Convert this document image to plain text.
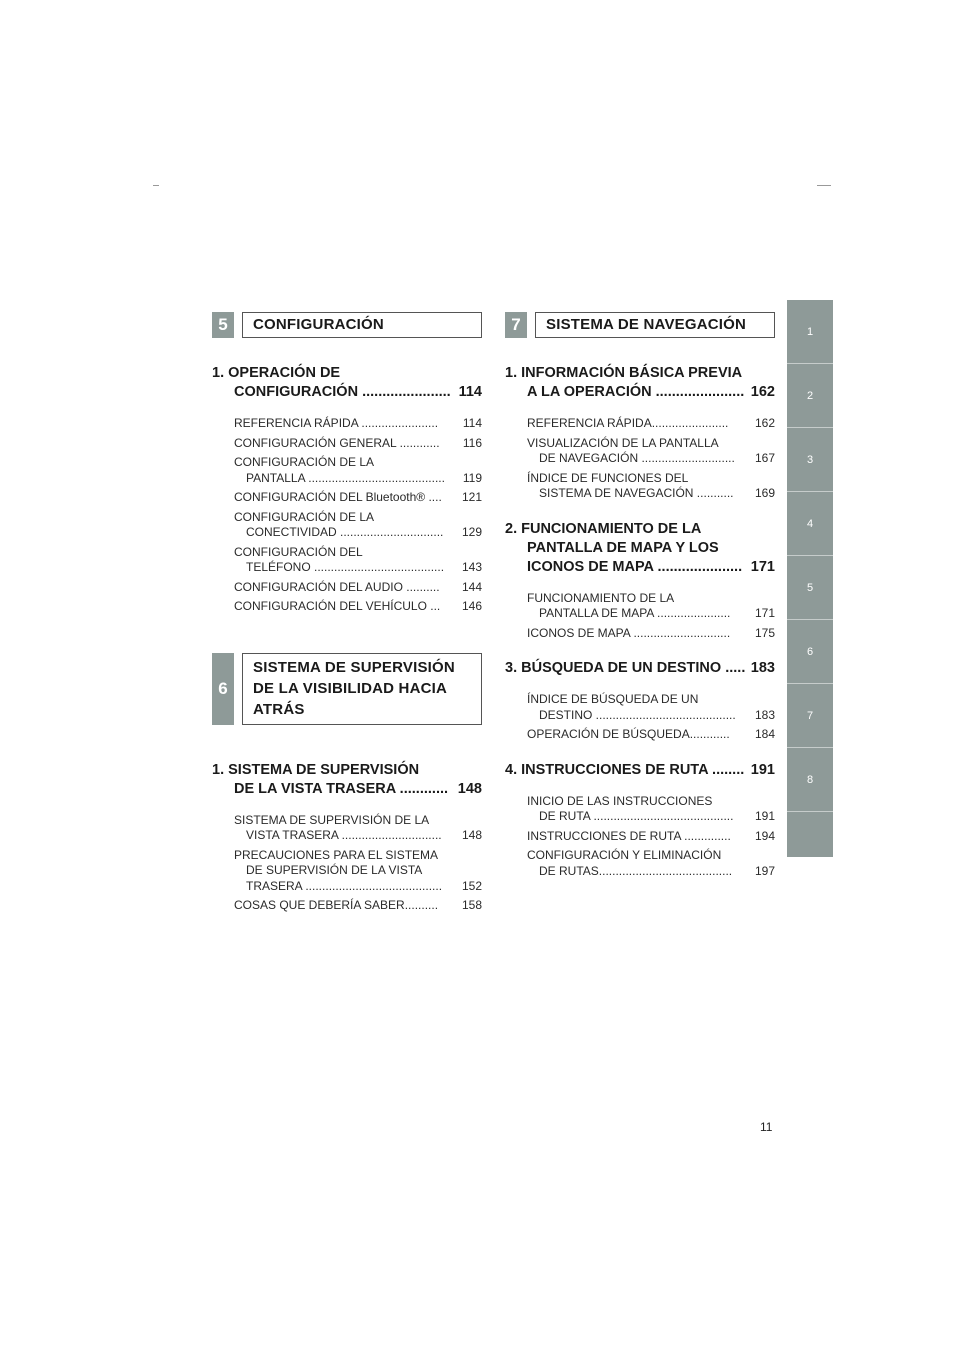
5	CONFIGURACIÓN
1. OPERACIÓN DE
CONFIGURACIÓN ...................... 114
REFERENCIA RÁPIDA .......................	114
CONFIGURACIÓN GENERAL ............	116
CONFIGURACIÓN DE LA
PANTALLA .........................................	119
CONFIGURACIÓN DEL Bluetooth® ....	121
CONFIGURACIÓN DE LA
CONECTIVIDAD ...............................	129
CONFIGURACIÓN DEL
TELÉFONO .......................................	143
CONFIGURACIÓN DEL AUDIO ..........	144
CONFIGURACIÓN DEL VEHÍCULO ...	146
6
SISTEMA DE SUPERVISIÓN
DE LA VISIBILIDAD HACIA
ATRÁS
1. SISTEMA DE SUPERVISIÓN
DE LA VISTA TRASERA ............ 148
SISTEMA DE SUPERVISIÓN DE LA
VISTA TRASERA ..............................	148
PRECAUCIONES PARA EL SISTEMA
DE SUPERVISIÓN DE LA VISTA
TRASERA .........................................	152
COSAS QUE DEBERÍA SABER..........	158
7	SISTEMA DE NAVEGACIÓN
1. INFORMACIÓN BÁSICA PREVIA
A LA OPERACIÓN ...................... 162
REFERENCIA RÁPIDA.......................	162
VISUALIZACIÓN DE LA PANTALLA
DE NAVEGACIÓN ............................	167
ÍNDICE DE FUNCIONES DEL
SISTEMA DE NAVEGACIÓN ...........	169
2. FUNCIONAMIENTO DE LA
PANTALLA DE MAPA Y LOS
ICONOS DE MAPA ..................... 171
FUNCIONAMIENTO DE LA
PANTALLA DE MAPA ......................	171
ICONOS DE MAPA .............................	175
3. BÚSQUEDA DE UN DESTINO ..... 183
ÍNDICE DE BÚSQUEDA DE UN
DESTINO ..........................................	183
OPERACIÓN DE BÚSQUEDA............	184
4. INSTRUCCIONES DE RUTA ........ 191
INICIO DE LAS INSTRUCCIONES
DE RUTA ..........................................	191
INSTRUCCIONES DE RUTA ..............	194
CONFIGURACIÓN Y ELIMINACIÓN
DE RUTAS........................................	197
1
2
3
4
5
6
7
8
11
